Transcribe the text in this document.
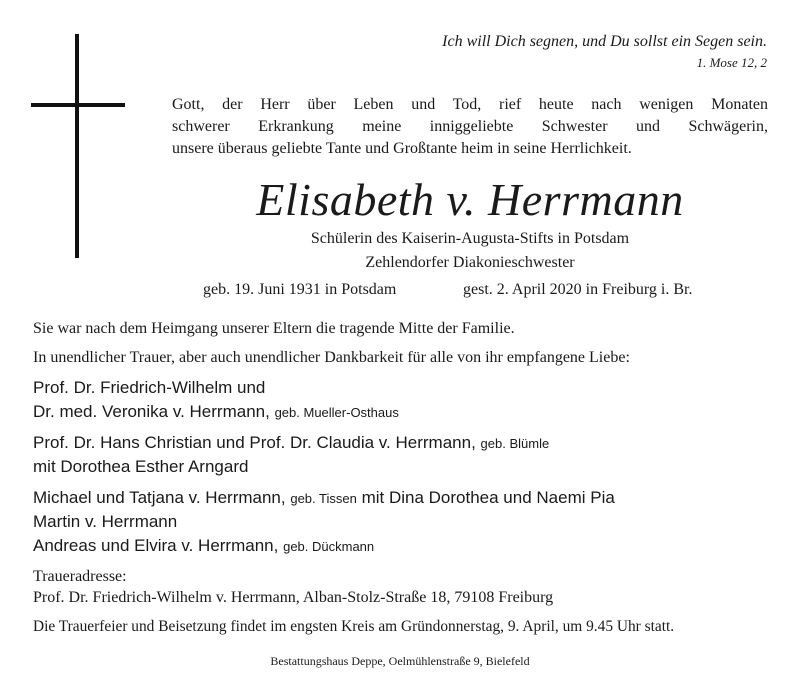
Ich will Dich segnen, und Du sollst ein Segen sein.
1. Mose 12, 2
Gott, der Herr über Leben und Tod, rief heute nach wenigen Monaten
schwerer Erkrankung meine inniggeliebte Schwester und Schwägerin,
unsere überaus geliebte Tante und Großtante heim in seine Herrlichkeit.
Elisabeth v. Herrmann
Schülerin des Kaiserin-Augusta-Stifts in Potsdam
Zehlendorfer Diakonieschwester
geb. 19. Juni 1931 in Potsdam	gest. 2. April 2020 in Freiburg i. Br.
Sie war nach dem Heimgang unserer Eltern die tragende Mitte der Familie.
In unendlicher Trauer, aber auch unendlicher Dankbarkeit für alle von ihr empfangene Liebe:
Prof. Dr. Friedrich-Wilhelm und
Dr. med. Veronika v. Herrmann, geb. Mueller-Osthaus
Prof. Dr. Hans Christian und Prof. Dr. Claudia v. Herrmann, geb. Blümle
mit Dorothea Esther Arngard
Michael und Tatjana v. Herrmann, geb. Tissen mit Dina Dorothea und Naemi Pia
Martin v. Herrmann
Andreas und Elvira v. Herrmann, geb. Dückmann
Traueradresse:
Prof. Dr. Friedrich-Wilhelm v. Herrmann, Alban-Stolz-Straße 18, 79108 Freiburg
Die Trauerfeier und Beisetzung findet im engsten Kreis am Gründonnerstag, 9. April, um 9.45 Uhr statt.
Bestattungshaus Deppe, Oelmühlenstraße 9, Bielefeld
